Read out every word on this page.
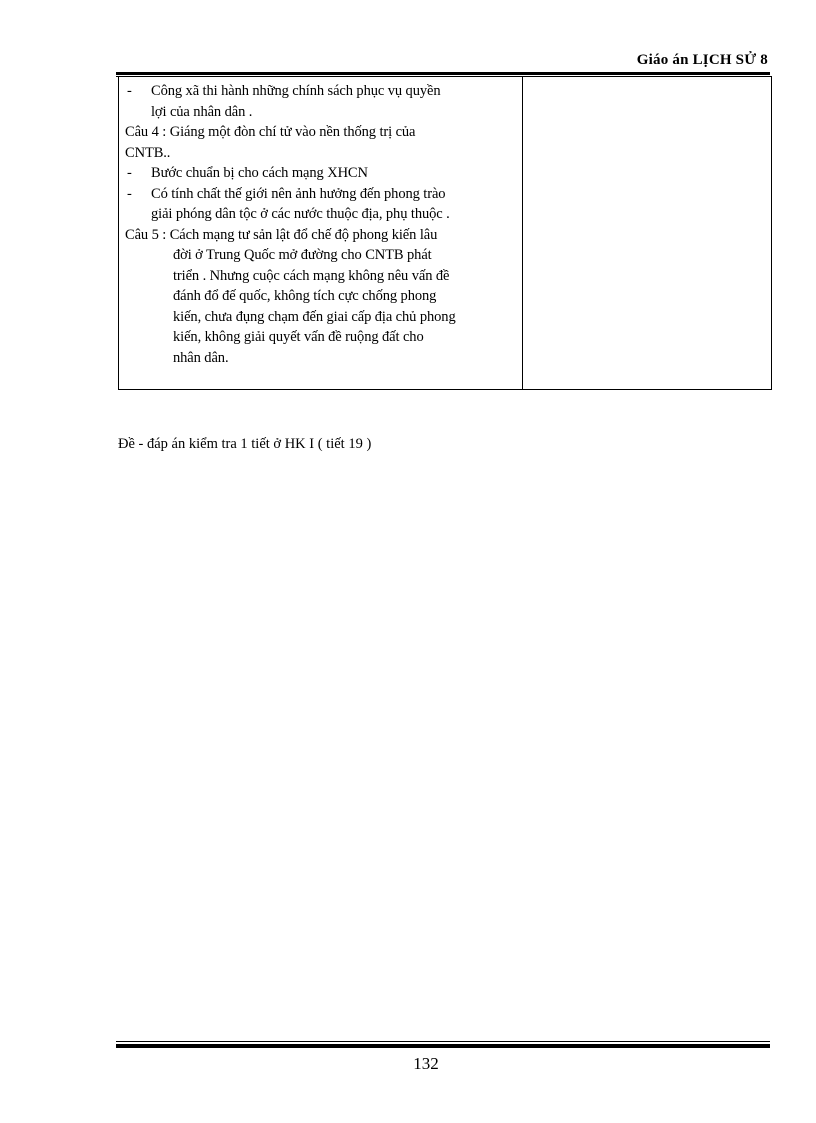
Giáo án LỊCH SỬ 8
-	Công xã thi hành những chính sách phục vụ quyền
lợi của nhân dân .
Câu 4 : Giáng một đòn chí tử vào nền thống trị của
CNTB..
-	Bước chuẩn bị cho cách mạng XHCN
-	Có tính chất thế giới nên ảnh hưởng đến phong trào
giải phóng dân tộc ở các nước thuộc địa, phụ thuộc .
Câu 5 : Cách mạng tư sản lật đổ chế độ phong kiến lâu
đời ở Trung Quốc mở đường cho CNTB phát
triển . Nhưng cuộc cách mạng không nêu vấn đề
đánh đổ đế quốc, không tích cực chống phong
kiến, chưa đụng chạm đến giai cấp địa chủ phong
kiến, không giải quyết vấn đề ruộng đất cho
nhân dân.

Đề - đáp án kiểm tra 1 tiết ở HK I ( tiết 19 )
132
